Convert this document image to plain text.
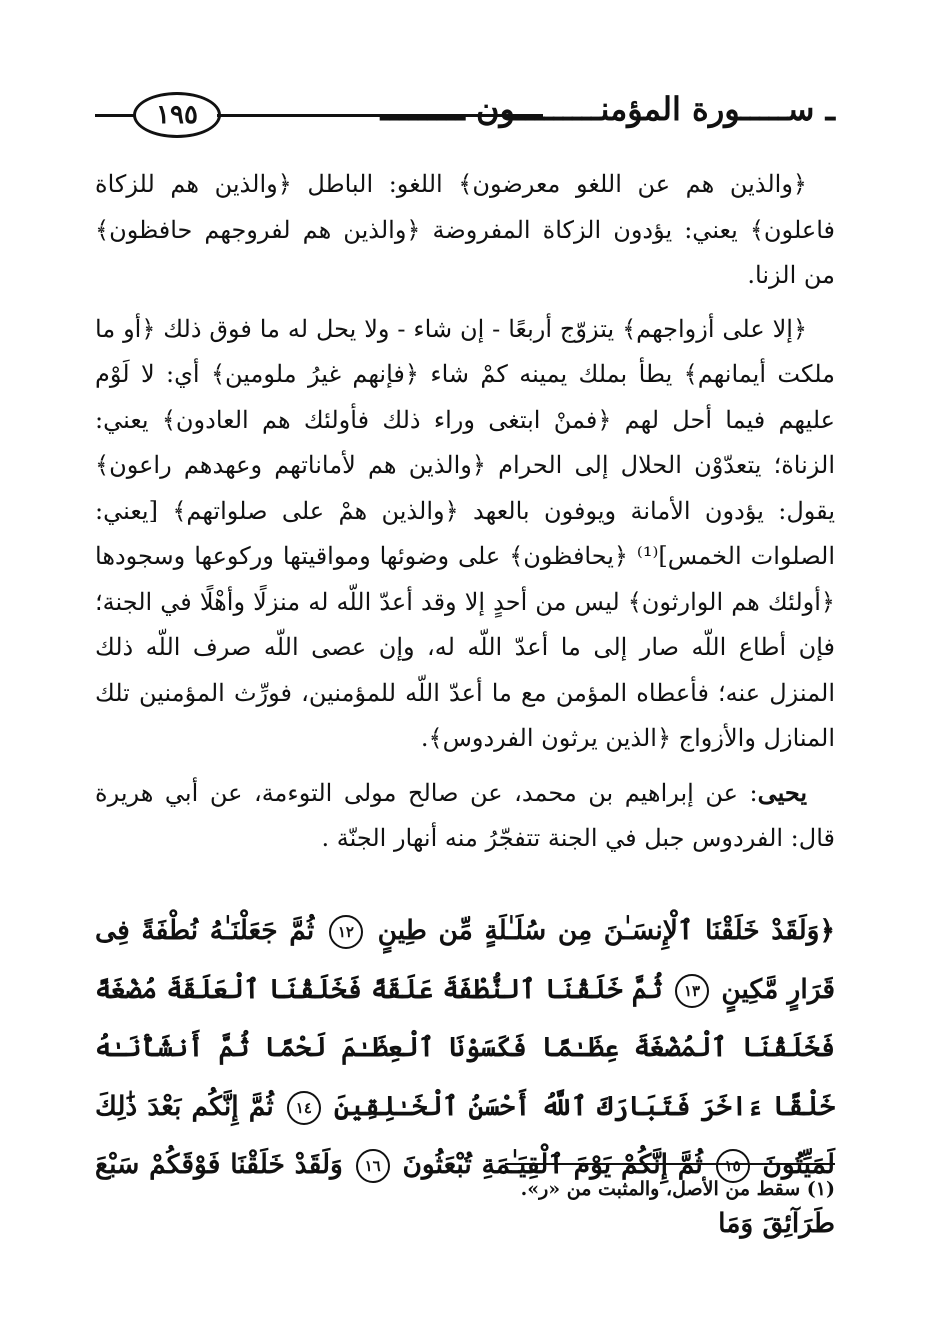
١٩٥	ـ ســـــورة المؤمنـــــــــون ـــــــــ

﴿والذين هم عن اللغو معرضون﴾ اللغو: الباطل ﴿والذين هم للزكاة فاعلون﴾ يعني: يؤدون الزكاة المفروضة ﴿والذين هم لفروجهم حافظون﴾ من الزنا.

﴿إلا على أزواجهم﴾ يتزوّج أربعًا - إن شاء - ولا يحل له ما فوق ذلك ﴿أو ما ملكت أيمانهم﴾ يطأ بملك يمينه كمْ شاء ﴿فإنهم غيرُ ملومين﴾ أي: لا لَوْم عليهم فيما أحل لهم ﴿فمنْ ابتغى وراء ذلك فأولئك هم العادون﴾ يعني: الزناة؛ يتعدّوْن الحلال إلى الحرام ﴿والذين هم لأماناتهم وعهدهم راعون﴾ يقول: يؤدون الأمانة ويوفون بالعهد ﴿والذين همْ على صلواتهم﴾ [يعني: الصلوات الخمس]⁽¹⁾ ﴿يحافظون﴾ على وضوئها ومواقيتها وركوعها وسجودها ﴿أولئك هم الوارثون﴾ ليس من أحدٍ إلا وقد أعدّ اللّه له منزلًا وأهْلًا في الجنة؛ فإن أطاع اللّه صار إلى ما أعدّ اللّه له، وإن عصى اللّه صرف اللّه ذلك المنزل عنه؛ فأعطاه المؤمن مع ما أعدّ اللّه للمؤمنين، فورِّث المؤمنين تلك المنازل والأزواج ﴿الذين يرثون الفردوس﴾.

يحيى: عن إبراهيم بن محمد، عن صالح مولى التوءمة، عن أبي هريرة قال: الفردوس جبل في الجنة تتفجّرُ منه أنهار الجنّة .

﴿وَلَقَدْ خَلَقْنَا ٱلْإِنسَـٰنَ مِن سُلَـٰلَةٍ مِّن طِينٍ ١٢ ثُمَّ جَعَلْنَـٰهُ نُطْفَةً فِى قَرَارٍ مَّكِينٍ ١٣ ثُمَّ خَلَقْنَا ٱلنُّطْفَةَ عَلَقَةً فَخَلَقْنَا ٱلْعَلَقَةَ مُضْغَةً فَخَلَقْنَا ٱلْمُضْغَةَ عِظَـٰمًا فَكَسَوْنَا ٱلْعِظَـٰمَ لَحْمًا ثُمَّ أَنشَأْنَـٰهُ خَلْقًا ءَاخَرَ فَتَبَارَكَ ٱللَّهُ أَحْسَنُ ٱلْخَـٰلِقِينَ ١٤ ثُمَّ إِنَّكُم بَعْدَ ذَٰلِكَ لَمَيِّتُونَ ١٥ ثُمَّ إِنَّكُمْ يَوْمَ ٱلْقِيَـٰمَةِ تُبْعَثُونَ ١٦ وَلَقَدْ خَلَقْنَا فَوْقَكُمْ سَبْعَ طَرَآئِقَ وَمَا
(١) سقط من الأصل، والمثبت من «ر».
